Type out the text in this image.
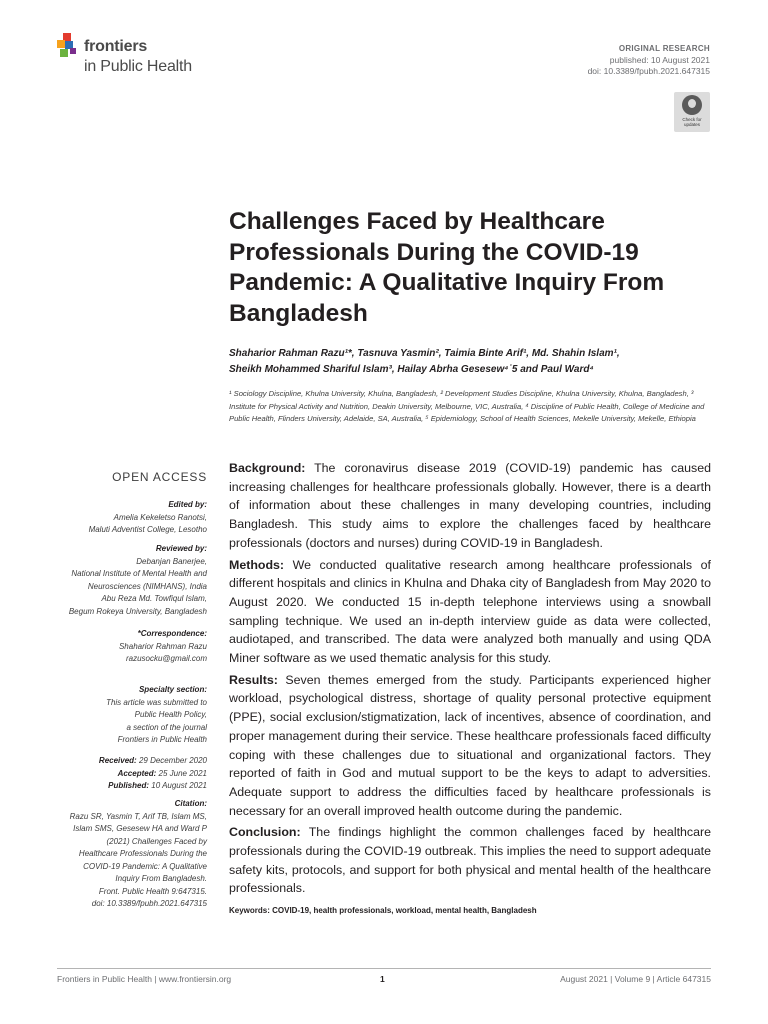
frontiers
in Public Health
ORIGINAL RESEARCH
published: 10 August 2021
doi: 10.3389/fpubh.2021.647315
Check for updates
Challenges Faced by Healthcare Professionals During the COVID-19 Pandemic: A Qualitative Inquiry From Bangladesh
Shaharior Rahman Razu¹*, Tasnuva Yasmin², Taimia Binte Arif¹, Md. Shahin Islam¹,
Sheikh Mohammed Shariful Islam³, Hailay Abrha Gesesew⁴˙5 and Paul Ward⁴
¹ Sociology Discipline, Khulna University, Khulna, Bangladesh, ² Development Studies Discipline, Khulna University, Khulna, Bangladesh, ³ Institute for Physical Activity and Nutrition, Deakin University, Melbourne, VIC, Australia, ⁴ Discipline of Public Health, College of Medicine and Public Health, Flinders University, Adelaide, SA, Australia, ⁵ Epidemiology, School of Health Sciences, Mekelle University, Mekelle, Ethiopia
OPEN ACCESS
Edited by:
Amelia Kekeletso Ranotsi,
Maluti Adventist College, Lesotho
Reviewed by:
Debanjan Banerjee,
National Institute of Mental Health and
Neurosciences (NIMHANS), India
Abu Reza Md. Towfiqul Islam,
Begum Rokeya University, Bangladesh
*Correspondence:
Shaharior Rahman Razu
razusocku@gmail.com
Specialty section:
This article was submitted to
Public Health Policy,
a section of the journal
Frontiers in Public Health
Received: 29 December 2020
Accepted: 25 June 2021
Published: 10 August 2021
Citation:
Razu SR, Yasmin T, Arif TB, Islam MS,
Islam SMS, Gesesew HA and Ward P
(2021) Challenges Faced by
Healthcare Professionals During the
COVID-19 Pandemic: A Qualitative
Inquiry From Bangladesh.
Front. Public Health 9:647315.
doi: 10.3389/fpubh.2021.647315

Background: The coronavirus disease 2019 (COVID-19) pandemic has caused increasing challenges for healthcare professionals globally. However, there is a dearth of information about these challenges in many developing countries, including Bangladesh. This study aims to explore the challenges faced by healthcare professionals (doctors and nurses) during COVID-19 in Bangladesh.

Methods: We conducted qualitative research among healthcare professionals of different hospitals and clinics in Khulna and Dhaka city of Bangladesh from May 2020 to August 2020. We conducted 15 in-depth telephone interviews using a snowball sampling technique. We used an in-depth interview guide as data were collected, audiotaped, and transcribed. The data were analyzed both manually and using QDA Miner software as we used thematic analysis for this study.

Results: Seven themes emerged from the study. Participants experienced higher workload, psychological distress, shortage of quality personal protective equipment (PPE), social exclusion/stigmatization, lack of incentives, absence of coordination, and proper management during their service. These healthcare professionals faced difficulty coping with these challenges due to situational and organizational factors. They reported of faith in God and mutual support to be the keys to adapt to adversities. Adequate support to address the difficulties faced by healthcare professionals is necessary for an overall improved health outcome during the pandemic.

Conclusion: The findings highlight the common challenges faced by healthcare professionals during the COVID-19 outbreak. This implies the need to support adequate safety kits, protocols, and support for both physical and mental health of the healthcare professionals.

Keywords: COVID-19, health professionals, workload, mental health, Bangladesh
Frontiers in Public Health | www.frontiersin.org	1	August 2021 | Volume 9 | Article 647315
